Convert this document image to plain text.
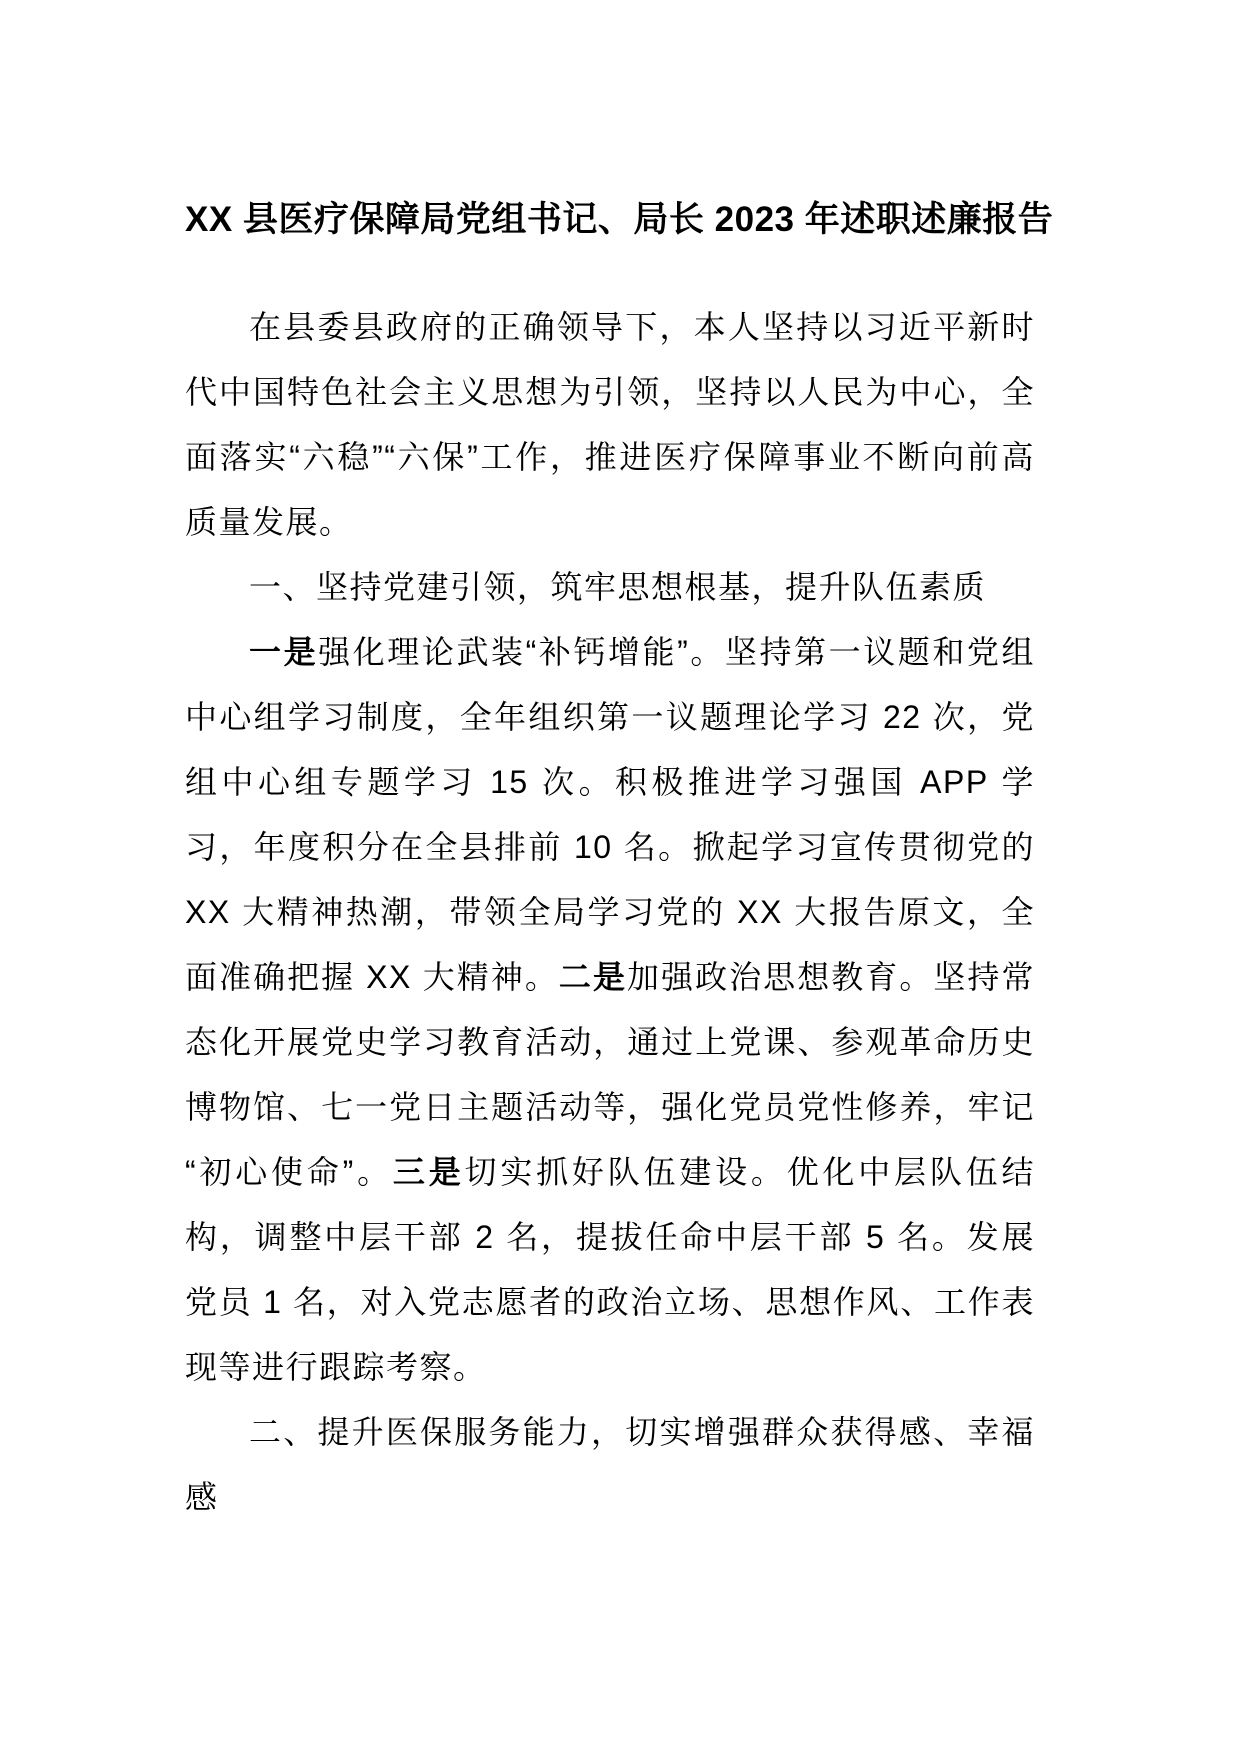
XX 县医疗保障局党组书记、局长 2023 年述职述廉报告

在县委县政府的正确领导下，本人坚持以习近平新时代中国特色社会主义思想为引领，坚持以人民为中心，全面落实“六稳”“六保”工作，推进医疗保障事业不断向前高质量发展。

一、坚持党建引领，筑牢思想根基，提升队伍素质

一是强化理论武装“补钙增能”。坚持第一议题和党组中心组学习制度，全年组织第一议题理论学习 22 次，党组中心组专题学习 15 次。积极推进学习强国 APP 学习，年度积分在全县排前 10 名。掀起学习宣传贯彻党的 XX 大精神热潮，带领全局学习党的 XX 大报告原文，全面准确把握 XX 大精神。二是加强政治思想教育。坚持常态化开展党史学习教育活动，通过上党课、参观革命历史博物馆、七一党日主题活动等，强化党员党性修养，牢记“初心使命”。三是切实抓好队伍建设。优化中层队伍结构，调整中层干部 2 名，提拔任命中层干部 5 名。发展党员 1 名，对入党志愿者的政治立场、思想作风、工作表现等进行跟踪考察。

二、提升医保服务能力，切实增强群众获得感、幸福感
